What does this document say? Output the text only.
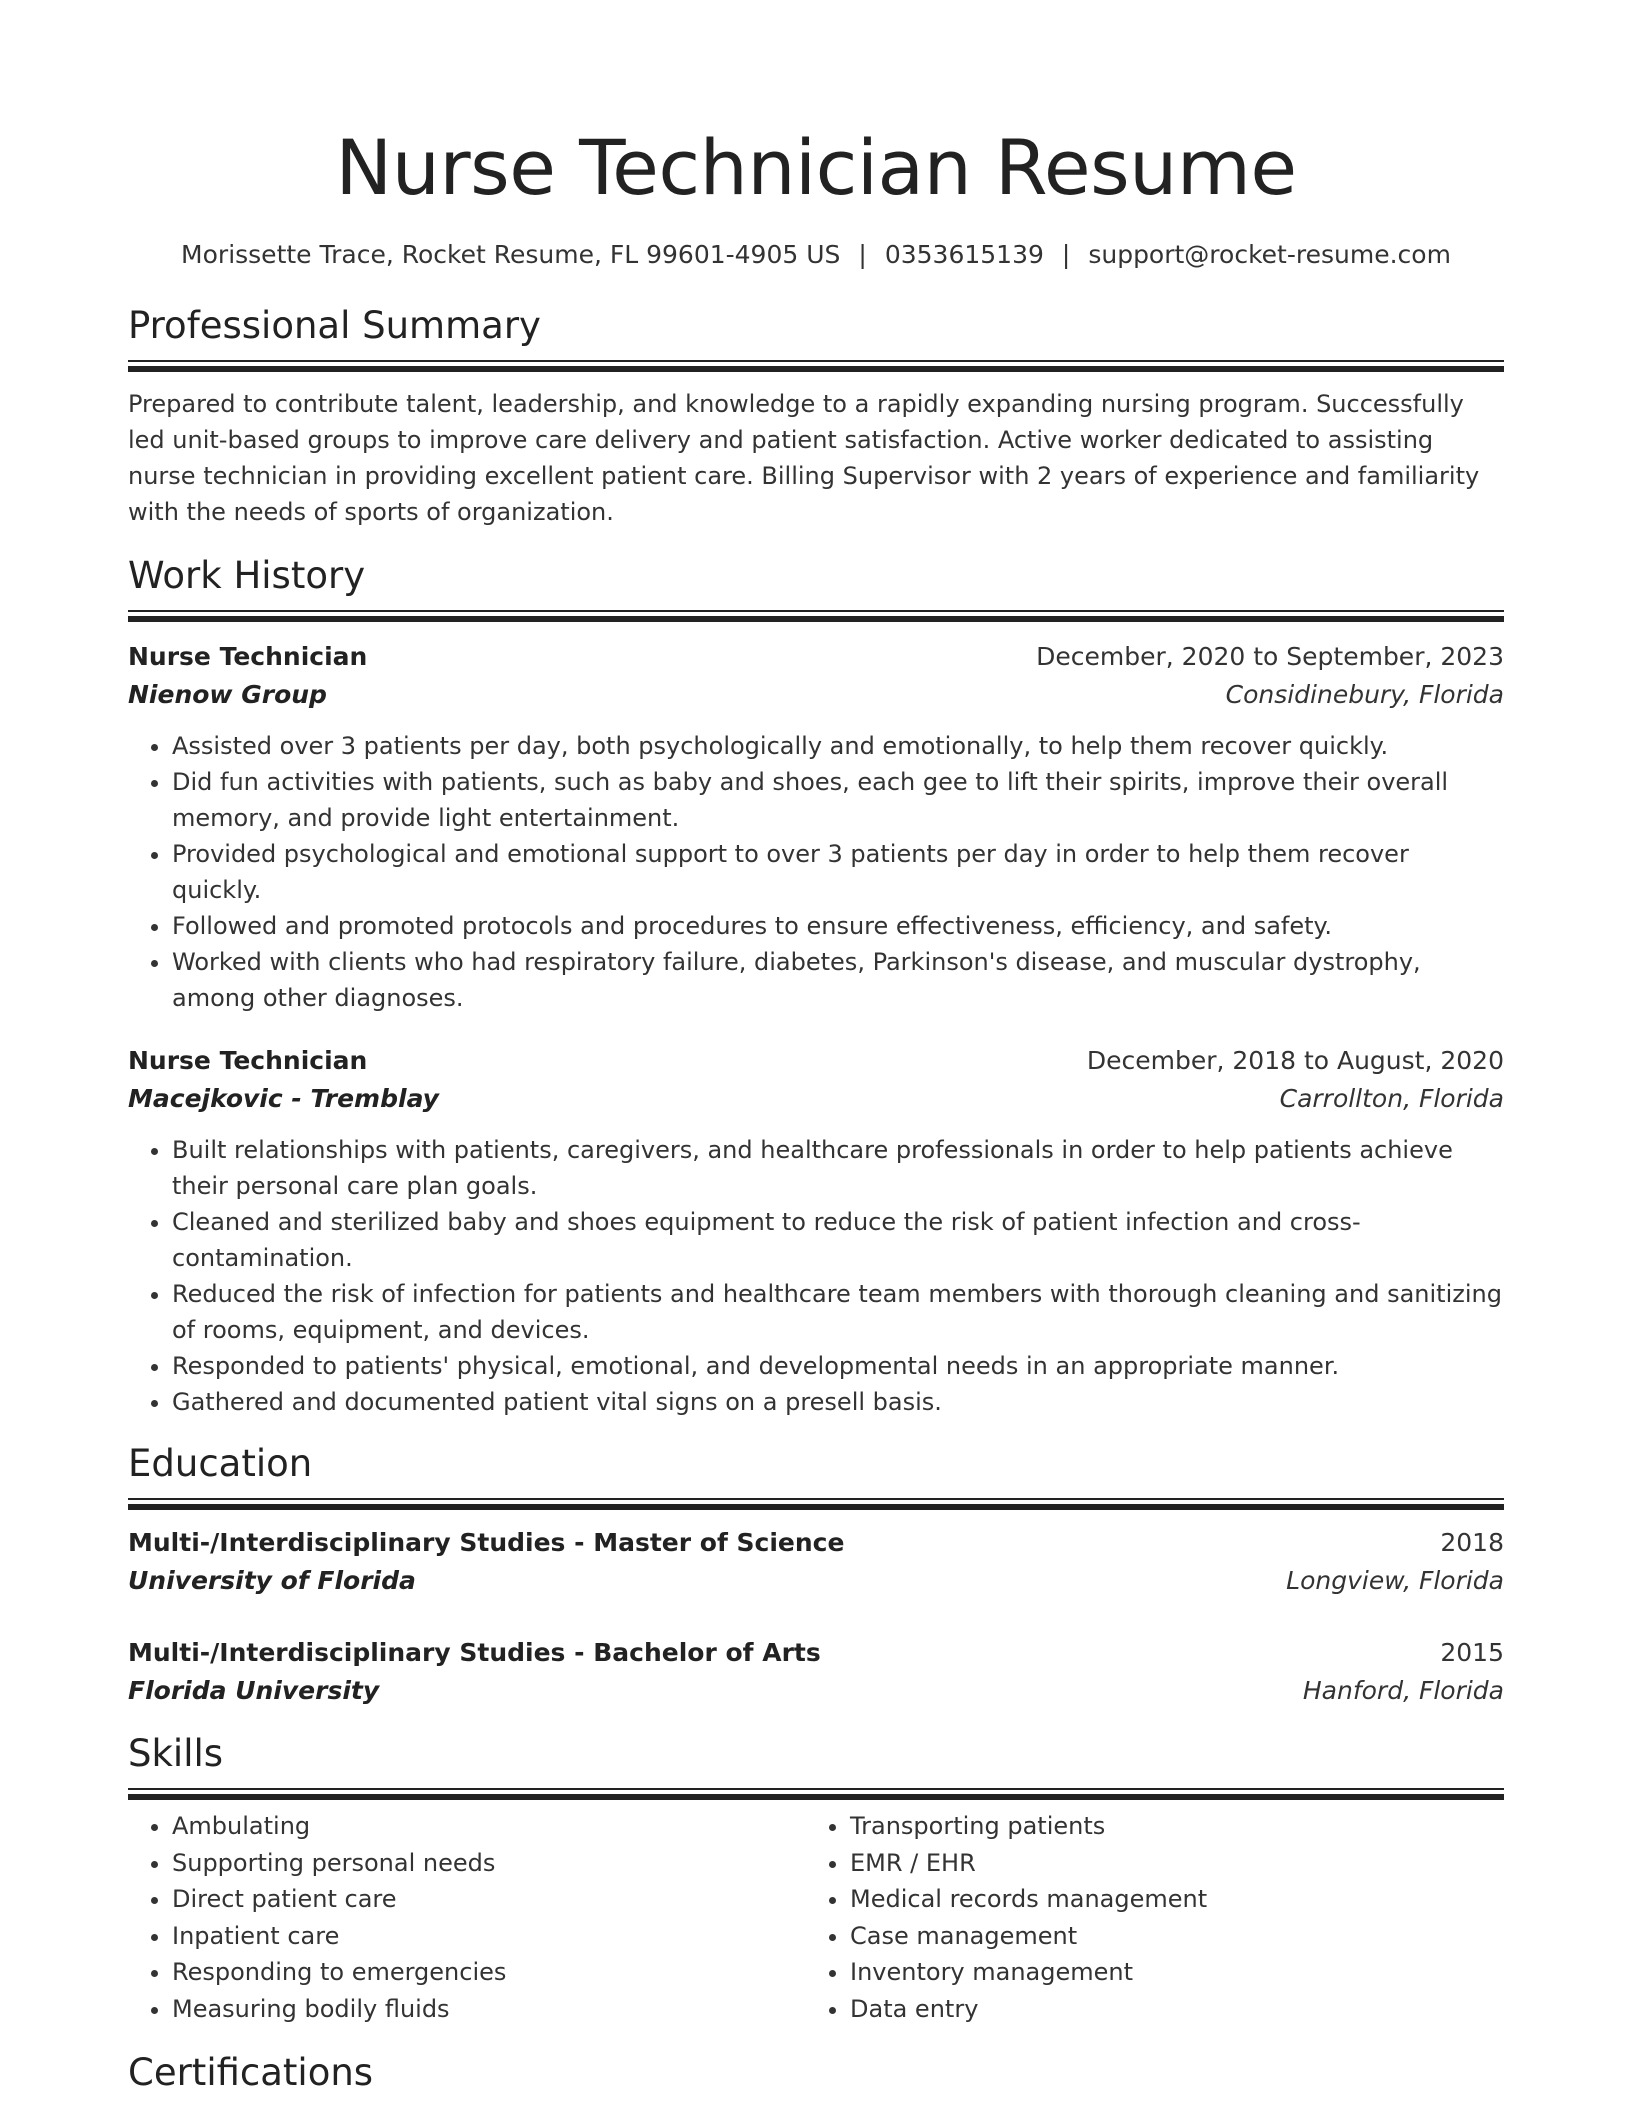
Nurse Technician Resume
Morissette Trace, Rocket Resume, FL 99601-4905 US | 0353615139 | support@rocket-resume.com
Professional Summary
Prepared to contribute talent, leadership, and knowledge to a rapidly expanding nursing program. Successfully led unit-based groups to improve care delivery and patient satisfaction. Active worker dedicated to assisting nurse technician in providing excellent patient care. Billing Supervisor with 2 years of experience and familiarity with the needs of sports of organization.
Work History
Nurse Technician	December, 2020 to September, 2023
Nienow Group	Considinebury, Florida
• Assisted over 3 patients per day, both psychologically and emotionally, to help them recover quickly.
• Did fun activities with patients, such as baby and shoes, each gee to lift their spirits, improve their overall memory, and provide light entertainment.
• Provided psychological and emotional support to over 3 patients per day in order to help them recover quickly.
• Followed and promoted protocols and procedures to ensure effectiveness, efficiency, and safety.
• Worked with clients who had respiratory failure, diabetes, Parkinson's disease, and muscular dystrophy, among other diagnoses.
Nurse Technician	December, 2018 to August, 2020
Macejkovic - Tremblay	Carrollton, Florida
• Built relationships with patients, caregivers, and healthcare professionals in order to help patients achieve their personal care plan goals.
• Cleaned and sterilized baby and shoes equipment to reduce the risk of patient infection and cross-contamination.
• Reduced the risk of infection for patients and healthcare team members with thorough cleaning and sanitizing of rooms, equipment, and devices.
• Responded to patients' physical, emotional, and developmental needs in an appropriate manner.
• Gathered and documented patient vital signs on a presell basis.
Education
Multi-/Interdisciplinary Studies - Master of Science	2018
University of Florida	Longview, Florida
Multi-/Interdisciplinary Studies - Bachelor of Arts	2015
Florida University	Hanford, Florida
Skills
• Ambulating
• Supporting personal needs
• Direct patient care
• Inpatient care
• Responding to emergencies
• Measuring bodily fluids
• Transporting patients
• EMR / EHR
• Medical records management
• Case management
• Inventory management
• Data entry
Certifications
